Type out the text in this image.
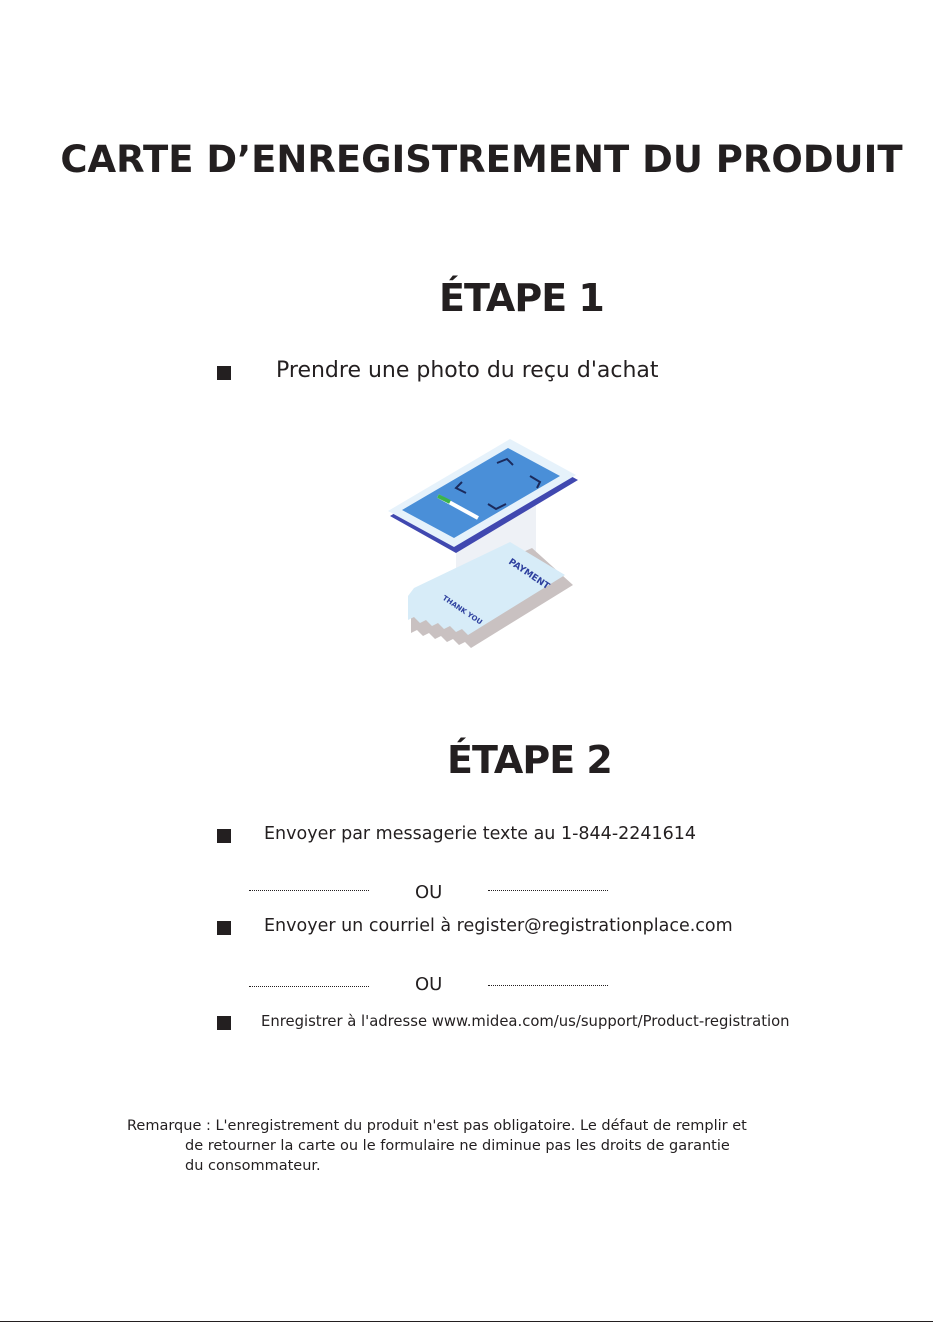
CARTE D’ENREGISTREMENT DU PRODUIT
ÉTAPE 1
Prendre une photo du reçu d'achat
PAYMENT
THANK YOU
ÉTAPE 2
Envoyer par messagerie texte au 1-844-2241614
OU
Envoyer un courriel à register@registrationplace.com
OU
Enregistrer à l'adresse www.midea.com/us/support/Product-registration
Remarque : L'enregistrement du produit n'est pas obligatoire. Le défaut de remplir et
de retourner la carte ou le formulaire ne diminue pas les droits de garantie
du consommateur.
